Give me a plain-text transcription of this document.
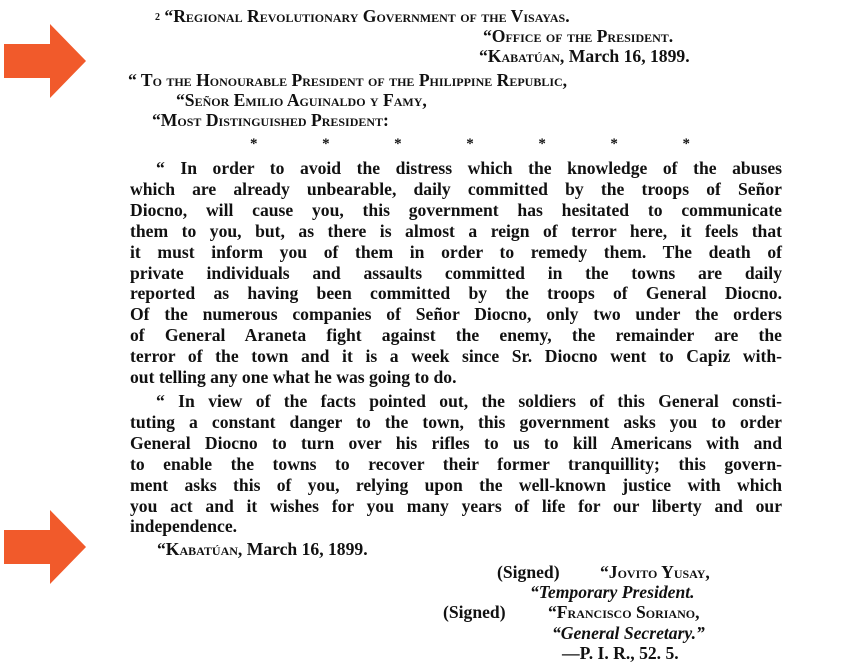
$^2$ “Regional Revolutionary Government of the Visayas.
“Office of the President.
“Kabatúan, March 16, 1899.
“ To the Honourable President of the Philippine Republic,
“Señor Emilio Aguinaldo y Famy,
“Most Distinguished President:
*	*	*	*	*	*	*
“ In order to avoid the distress which the knowledge of the abuses
which are already unbearable, daily committed by the troops of Señor
Diocno, will cause you, this government has hesitated to communicate
them to you, but, as there is almost a reign of terror here, it feels that
it must inform you of them in order to remedy them. The death of
private individuals and assaults committed in the towns are daily
reported as having been committed by the troops of General Diocno.
Of the numerous companies of Señor Diocno, only two under the orders
of General Araneta fight against the enemy, the remainder are the
terror of the town and it is a week since Sr. Diocno went to Capiz with-
out telling any one what he was going to do.
“ In view of the facts pointed out, the soldiers of this General consti-
tuting a constant danger to the town, this government asks you to order
General Diocno to turn over his rifles to us to kill Americans with and
to enable the towns to recover their former tranquillity; this govern-
ment asks this of you, relying upon the well-known justice with which
you act and it wishes for you many years of life for our liberty and our
independence.
“Kabatúan, March 16, 1899.
(Signed) “Jovito Yusay,
“Temporary President.
(Signed) “Francisco Soriano,
“General Secretary.”
—P. I. R., 52. 5.
